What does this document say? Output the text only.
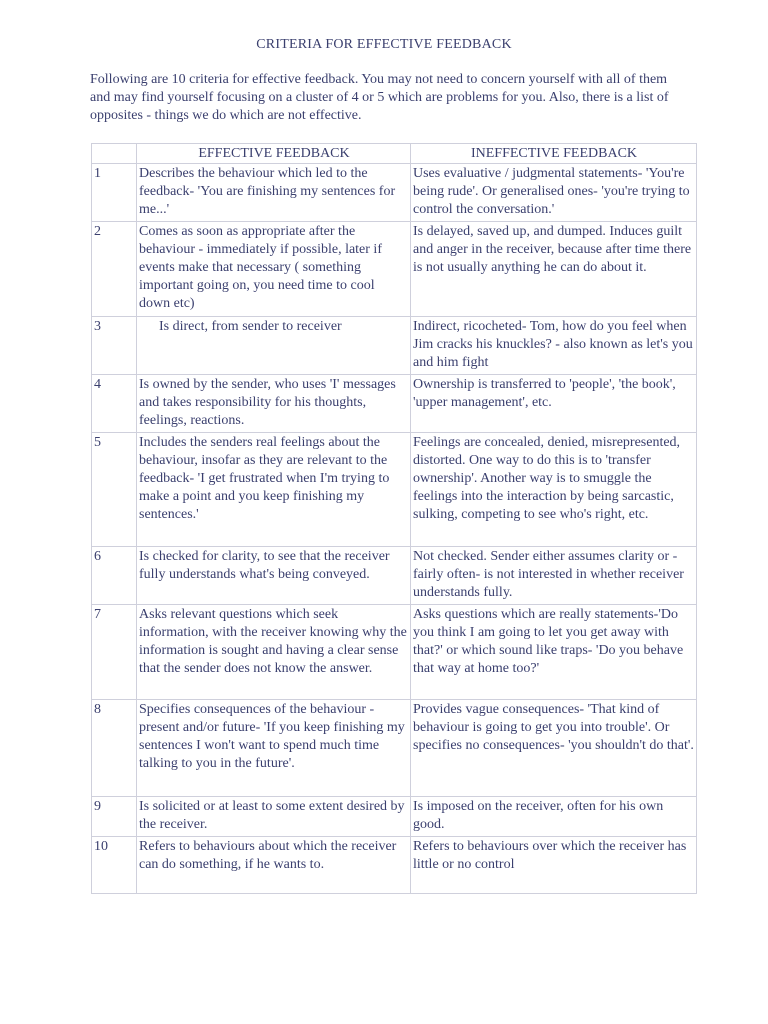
CRITERIA FOR EFFECTIVE FEEDBACK
Following are 10 criteria for effective feedback. You may not need to concern yourself with all of them and may find yourself focusing on a cluster of 4 or 5 which are problems for you. Also, there is a list of opposites - things we do which are not effective.
	EFFECTIVE FEEDBACK	INEFFECTIVE FEEDBACK
1	Describes the behaviour which led to the feedback- 'You are finishing my sentences for me...'	Uses evaluative / judgmental statements- 'You're being rude'. Or generalised ones- 'you're trying to control the conversation.'
2	Comes as soon as appropriate after the behaviour - immediately if possible, later if events make that necessary ( something important going on, you need time to cool down etc)	Is delayed, saved up, and dumped. Induces guilt and anger in the receiver, because after time there is not usually anything he can do about it.
3	Is direct, from sender to receiver	Indirect, ricocheted- Tom, how do you feel when Jim cracks his knuckles? - also known as let's you and him fight
4	Is owned by the sender, who uses 'I' messages and takes responsibility for his thoughts, feelings, reactions.	Ownership is transferred to 'people', 'the book', 'upper management', etc.
5	Includes the senders real feelings about the behaviour, insofar as they are relevant to the feedback- 'I get frustrated when I'm trying to make a point and you keep finishing my sentences.'	Feelings are concealed, denied, misrepresented, distorted. One way to do this is to 'transfer ownership'. Another way is to smuggle the feelings into the interaction by being sarcastic, sulking, competing to see who's right, etc.
6	Is checked for clarity, to see that the receiver fully understands what's being conveyed.	Not checked. Sender either assumes clarity or - fairly often- is not interested in whether receiver understands fully.
7	Asks relevant questions which seek information, with the receiver knowing why the information is sought and having a clear sense that the sender does not know the answer.	Asks questions which are really statements-'Do you think I am going to let you get away with that?' or which sound like traps- 'Do you behave that way at home too?'
8	Specifies consequences of the behaviour - present and/or future- 'If you keep finishing my sentences I won't want to spend much time talking to you in the future'.	Provides vague consequences- 'That kind of behaviour is going to get you into trouble'. Or specifies no consequences- 'you shouldn't do that'.
9	Is solicited or at least to some extent desired by the receiver.	Is imposed on the receiver, often for his own good.
10	Refers to behaviours about which the receiver can do something, if he wants to.	Refers to behaviours over which the receiver has little or no control
